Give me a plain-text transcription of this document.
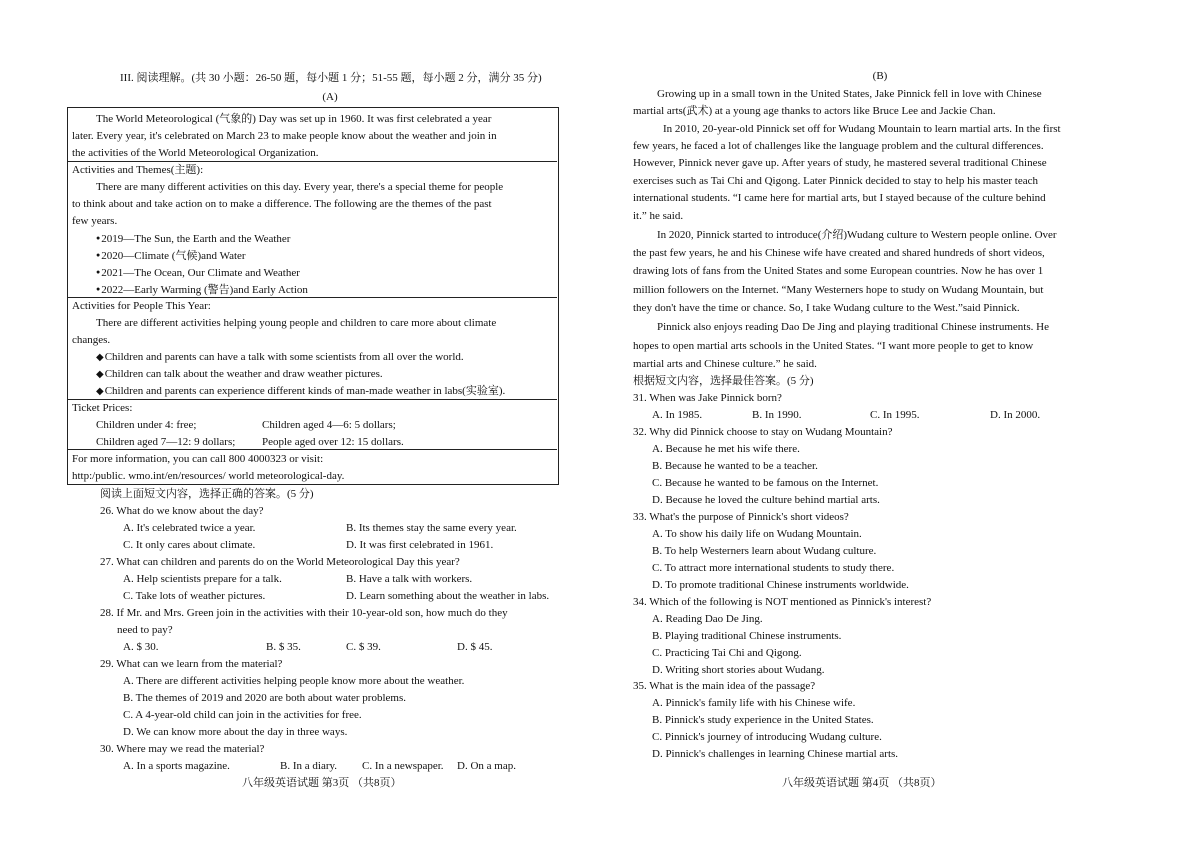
III. 阅读理解。(共 30 小题：26-50 题，每小题 1 分；51-55 题，每小题 2 分，满分 35 分)
(A)
The World Meteorological (气象的) Day was set up in 1960. It was first celebrated a year
later. Every year, it's celebrated on March 23 to make people know about the weather and join in
the activities of the World Meteorological Organization.
Activities and Themes(主题):
There are many different activities on this day. Every year, there's a special theme for people
to think about and take action on to make a difference. The following are the themes of the past
few years.
● 2019—The Sun, the Earth and the Weather
● 2020—Climate (气候)and Water
● 2021—The Ocean, Our Climate and Weather
● 2022—Early Warming (警告)and Early Action
Activities for People This Year:
There are different activities helping young people and children to care more about climate
changes.
◆ Children and parents can have a talk with some scientists from all over the world.
◆ Children can talk about the weather and draw weather pictures.
◆ Children and parents can experience different kinds of man-made weather in labs(实验室).
Ticket Prices:
Children under 4: free;	Children aged 4—6: 5 dollars;
Children aged 7—12: 9 dollars; People aged over 12: 15 dollars.
For more information, you can call 800 4000323 or visit:
http:/public. wmo.int/en/resources/ world meteorological-day.
阅读上面短文内容，选择正确的答案。(5 分)
26. What do we know about the day?
A. It's celebrated twice a year.	B. Its themes stay the same every year.
C. It only cares about climate.	D. It was first celebrated in 1961.
27. What can children and parents do on the World Meteorological Day this year?
A. Help scientists prepare for a talk.	B. Have a talk with workers.
C. Take lots of weather pictures.	D. Learn something about the weather in labs.
28. If Mr. and Mrs. Green join in the activities with their 10-year-old son, how much do they
need to pay?
A. $ 30.	B. $ 35.	C. $ 39.	D. $ 45.
29. What can we learn from the material?
A. There are different activities helping people know more about the weather.
B. The themes of 2019 and 2020 are both about water problems.
C. A 4-year-old child can join in the activities for free.
D. We can know more about the day in three ways.
30. Where may we read the material?
A. In a sports magazine.	B. In a diary. C. In a newspaper. D. On a map.
八年级英语试题 第3页 （共8页）
(B)
Growing up in a small town in the United States, Jake Pinnick fell in love with Chinese
martial arts(武术) at a young age thanks to actors like Bruce Lee and Jackie Chan.
In 2010, 20-year-old Pinnick set off for Wudang Mountain to learn martial arts. In the first
few years, he faced a lot of challenges like the language problem and the cultural differences.
However, Pinnick never gave up. After years of study, he mastered several traditional Chinese
exercises such as Tai Chi and Qigong. Later Pinnick decided to stay to help his master teach
international students. “I came here for martial arts, but I stayed because of the culture behind
it.” he said.
In 2020, Pinnick started to introduce(介绍)Wudang culture to Western people online. Over
the past few years, he and his Chinese wife have created and shared hundreds of short videos,
drawing lots of fans from the United States and some European countries. Now he has over 1
million followers on the Internet. “Many Westerners hope to study on Wudang Mountain, but
they don't have the time or chance. So, I take Wudang culture to the West.”said Pinnick.
Pinnick also enjoys reading Dao De Jing and playing traditional Chinese instruments. He
hopes to open martial arts schools in the United States. “I want more people to get to know
martial arts and Chinese culture.” he said.
根据短文内容，选择最佳答案。(5 分)
31. When was Jake Pinnick born?
A. In 1985.	B. In 1990.	C. In 1995.	D. In 2000.
32. Why did Pinnick choose to stay on Wudang Mountain?
A. Because he met his wife there.
B. Because he wanted to be a teacher.
C. Because he wanted to be famous on the Internet.
D. Because he loved the culture behind martial arts.
33. What's the purpose of Pinnick's short videos?
A. To show his daily life on Wudang Mountain.
B. To help Westerners learn about Wudang culture.
C. To attract more international students to study there.
D. To promote traditional Chinese instruments worldwide.
34. Which of the following is NOT mentioned as Pinnick's interest?
A. Reading Dao De Jing.
B. Playing traditional Chinese instruments.
C. Practicing Tai Chi and Qigong.
D. Writing short stories about Wudang.
35. What is the main idea of the passage?
A. Pinnick's family life with his Chinese wife.
B. Pinnick's study experience in the United States.
C. Pinnick's journey of introducing Wudang culture.
D. Pinnick's challenges in learning Chinese martial arts.
八年级英语试题 第4页 （共8页）
